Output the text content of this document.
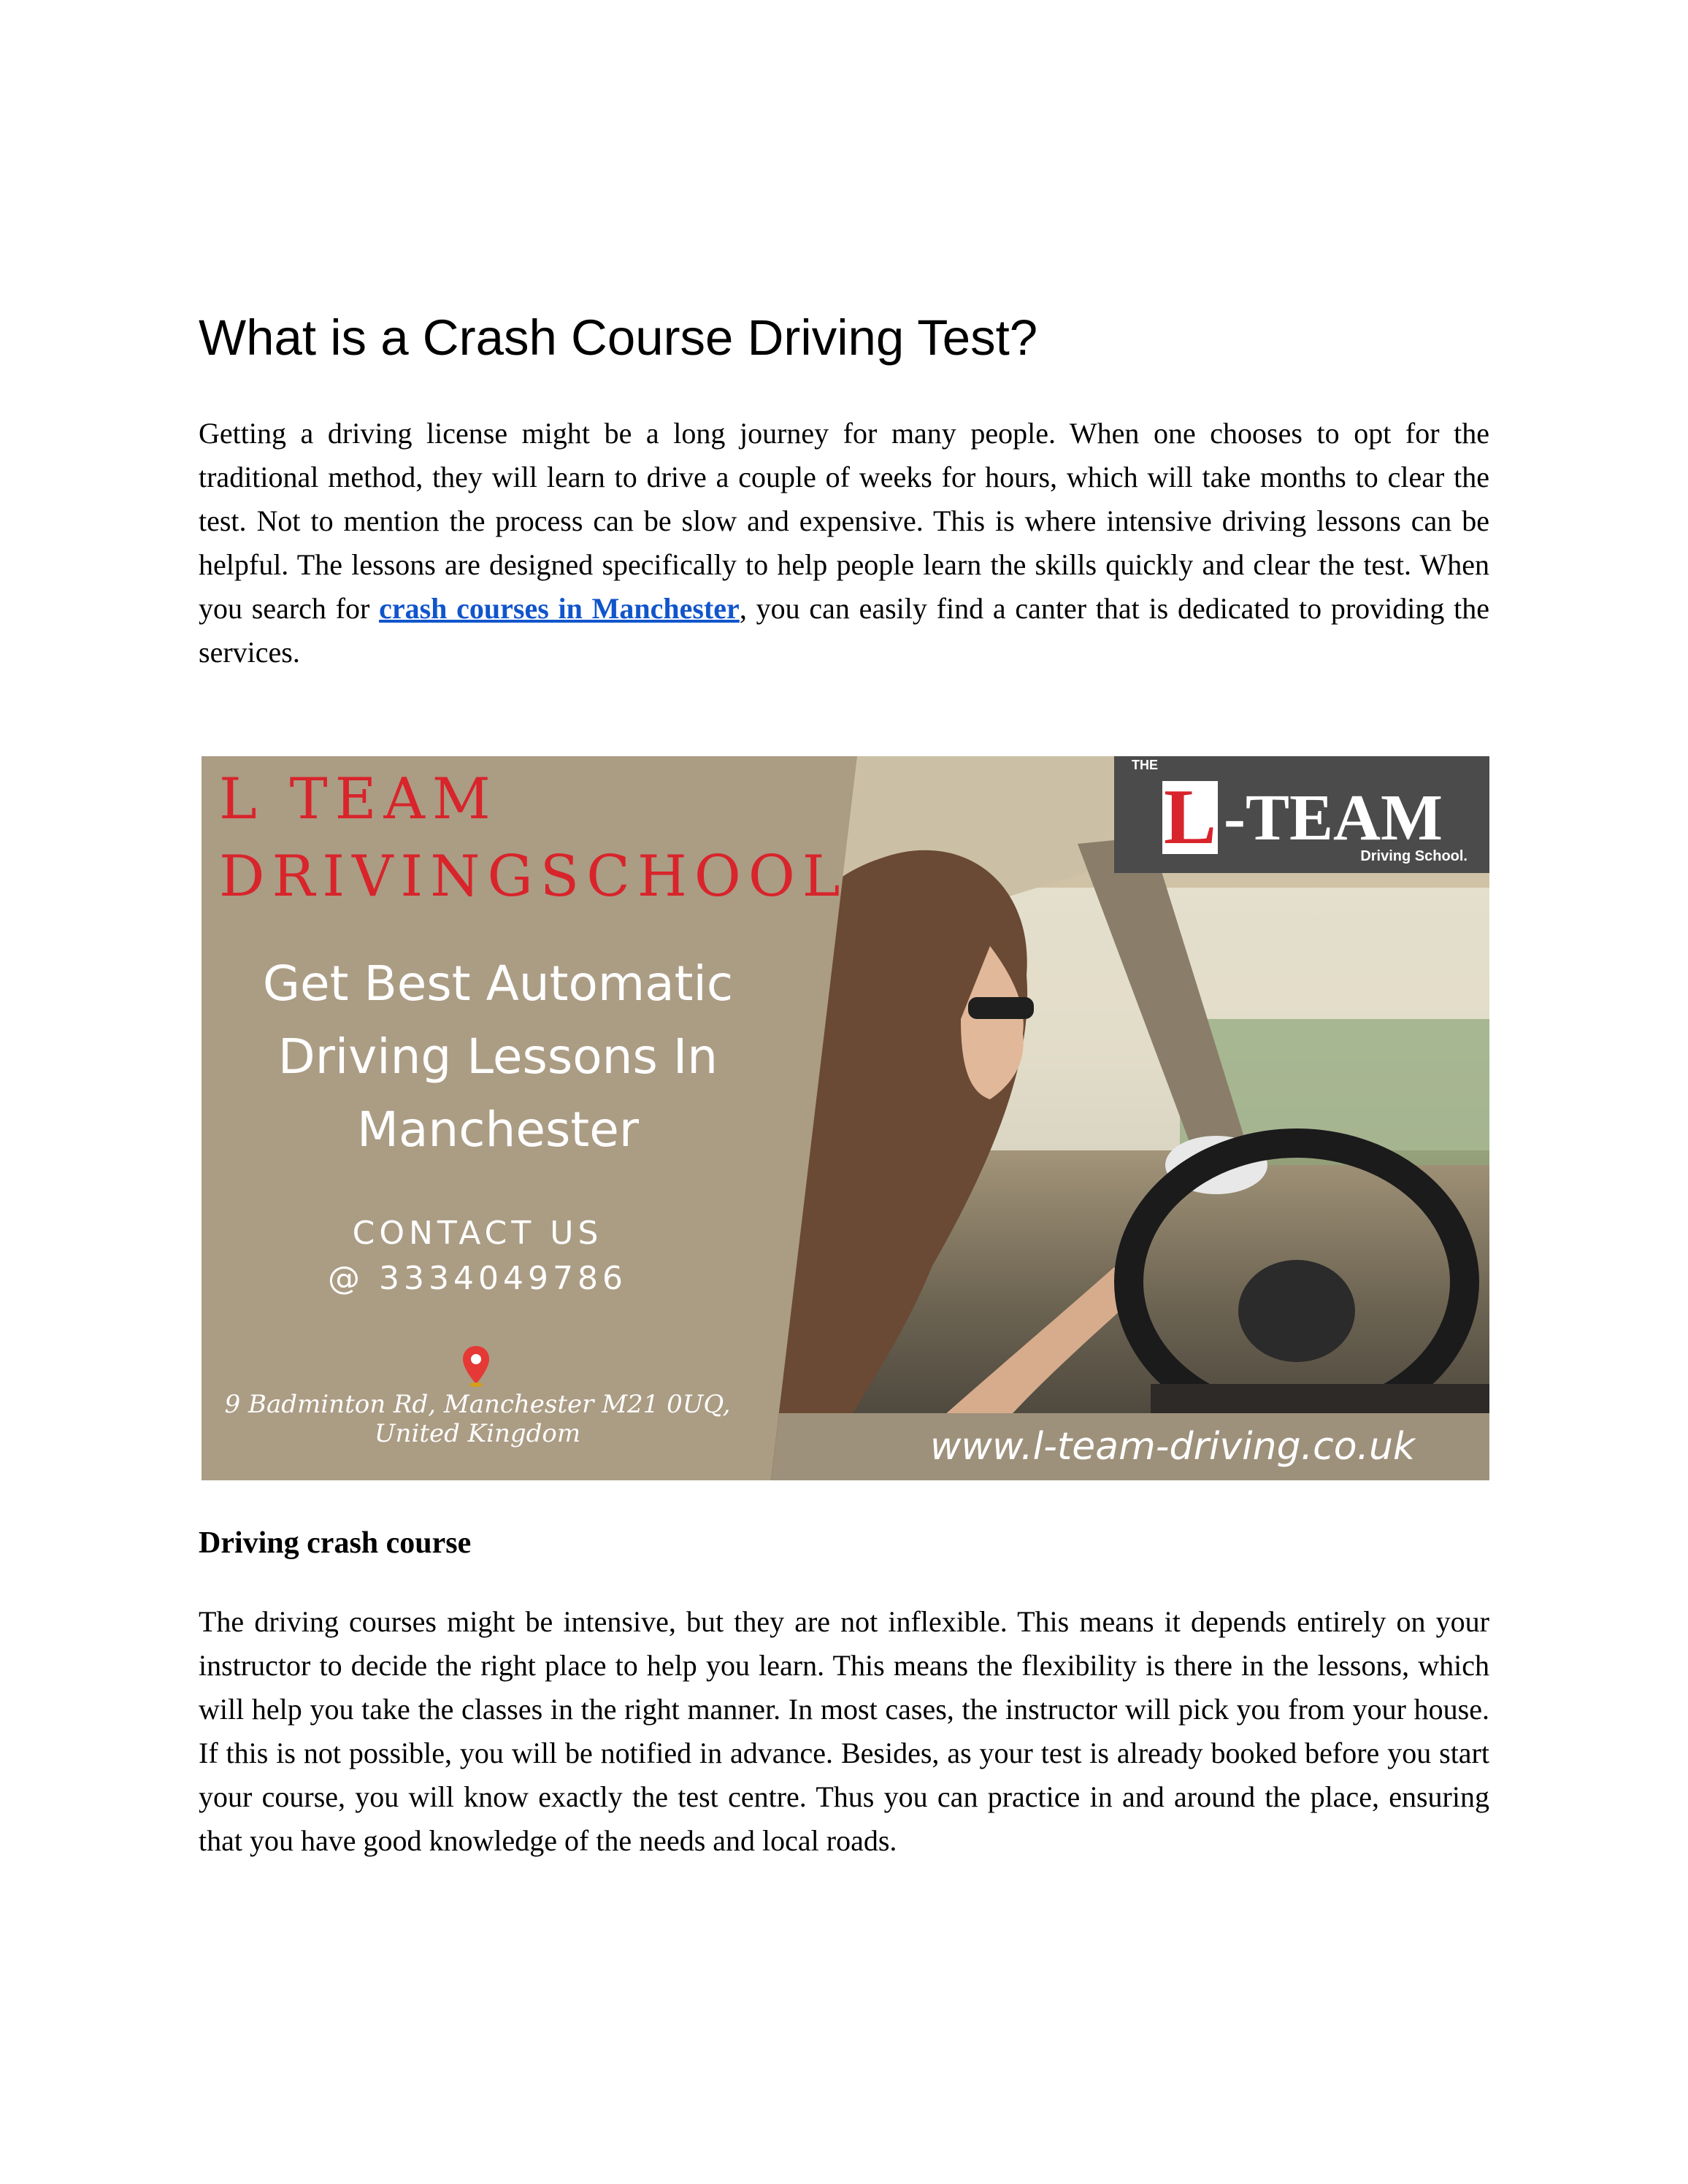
What is a Crash Course Driving Test?

Getting a driving license might be a long journey for many people. When one chooses to opt for the traditional method, they will learn to drive a couple of weeks for hours, which will take months to clear the test. Not to mention the process can be slow and expensive. This is where intensive driving lessons can be helpful. The lessons are designed specifically to help people learn the skills quickly and clear the test. When you search for crash courses in Manchester, you can easily find a canter that is dedicated to providing the services.

THE
L -TEAM
Driving School.
L TEAM
DRIVINGSCHOOL
Get Best Automatic Driving Lessons In Manchester
CONTACT US
@ 3334049786
9 Badminton Rd, Manchester M21 0UQ, United Kingdom	www.l-team-driving.co.uk
Driving crash course

The driving courses might be intensive, but they are not inflexible. This means it depends entirely on your instructor to decide the right place to help you learn. This means the flexibility is there in the lessons, which will help you take the classes in the right manner. In most cases, the instructor will pick you from your house. If this is not possible, you will be notified in advance. Besides, as your test is already booked before you start your course, you will know exactly the test centre. Thus you can practice in and around the place, ensuring that you have good knowledge of the needs and local roads.
